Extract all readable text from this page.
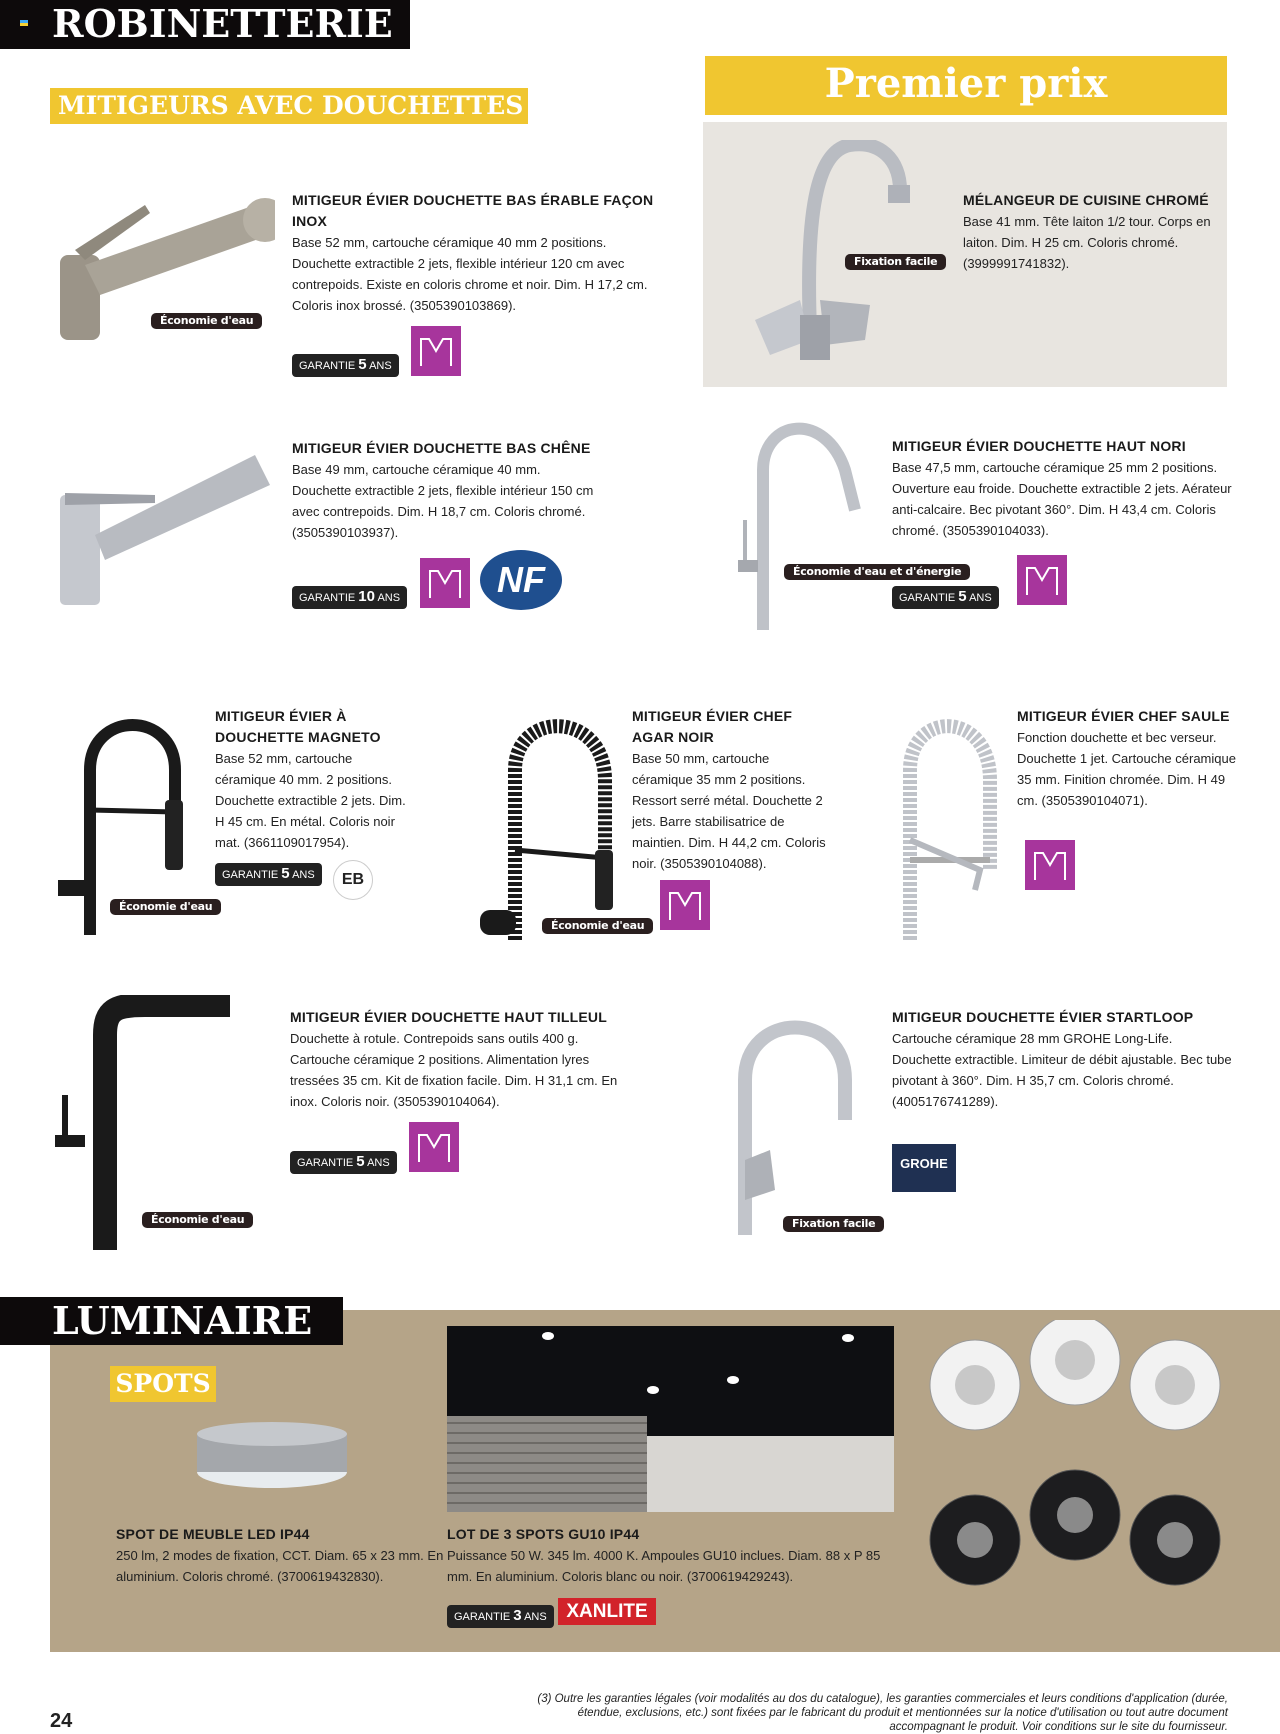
ROBINETTERIE
MITIGEURS AVEC DOUCHETTES	Premier prix
Économie d'eau
MITIGEUR ÉVIER DOUCHETTE BAS ÉRABLE FAÇON INOX

Base 52 mm, cartouche céramique 40 mm 2 positions. Douchette extractible 2 jets, flexible intérieur 120 cm avec contrepoids. Existe en coloris chrome et noir. Dim. H 17,2 cm. Coloris inox brossé. (3505390103869).

GARANTIE 5 ANS
Fixation facile
MÉLANGEUR DE CUISINE CHROMÉ

Base 41 mm. Tête laiton 1/2 tour. Corps en laiton. Dim. H 25 cm. Coloris chromé. (3999991741832).

MITIGEUR ÉVIER DOUCHETTE BAS CHÊNE

Base 49 mm, cartouche céramique 40 mm. Douchette extractible 2 jets, flexible intérieur 150 cm avec contrepoids. Dim. H 18,7 cm. Coloris chromé. (3505390103937).

GARANTIE 10 ANS	NF	Économie d'eau et d'énergie
MITIGEUR ÉVIER DOUCHETTE HAUT NORI

Base 47,5 mm, cartouche céramique 25 mm 2 positions. Ouverture eau froide. Douchette extractible 2 jets. Aérateur anti-calcaire. Bec pivotant 360°. Dim. H 43,4 cm. Coloris chromé. (3505390104033).

GARANTIE 5 ANS
Économie d'eau
MITIGEUR ÉVIER À DOUCHETTE MAGNETO

Base 52 mm, cartouche céramique 40 mm. 2 positions. Douchette extractible 2 jets. Dim. H 45 cm. En métal. Coloris noir mat. (3661109017954).

GARANTIE 5 ANS	EB
Économie d'eau
MITIGEUR ÉVIER CHEF AGAR NOIR

Base 50 mm, cartouche céramique 35 mm 2 positions. Ressort serré métal. Douchette 2 jets. Barre stabilisatrice de maintien. Dim. H 44,2 cm. Coloris noir. (3505390104088).

MITIGEUR ÉVIER CHEF SAULE

Fonction douchette et bec verseur. Douchette 1 jet. Cartouche céramique 35 mm. Finition chromée. Dim. H 49 cm. (3505390104071).

Économie d'eau
MITIGEUR ÉVIER DOUCHETTE HAUT TILLEUL

Douchette à rotule. Contrepoids sans outils 400 g. Cartouche céramique 2 positions. Alimentation lyres tressées 35 cm. Kit de fixation facile. Dim. H 31,1 cm. En inox. Coloris noir. (3505390104064).

GARANTIE 5 ANS
Fixation facile
MITIGEUR DOUCHETTE ÉVIER STARTLOOP

Cartouche céramique 28 mm GROHE Long-Life. Douchette extractible. Limiteur de débit ajustable. Bec tube pivotant à 360°. Dim. H 35,7 cm. Coloris chromé. (4005176741289).

GROHE
LUMINAIRE
SPOTS
SPOT DE MEUBLE LED IP44

250 lm, 2 modes de fixation, CCT. Diam. 65 x 23 mm. En aluminium. Coloris chromé. (3700619432830).

LOT DE 3 SPOTS GU10 IP44

Puissance 50 W. 345 lm. 4000 K. Ampoules GU10 inclues. Diam. 88 x P 85 mm. En aluminium. Coloris blanc ou noir. (3700619429243).

GARANTIE 3 ANS	XANLITE
24
(3) Outre les garanties légales (voir modalités au dos du catalogue), les garanties commerciales et leurs conditions d'application (durée, étendue, exclusions, etc.) sont fixées par le fabricant du produit et mentionnées sur la notice d'utilisation ou tout autre document accompagnant le produit. Voir conditions sur le site du fournisseur.
